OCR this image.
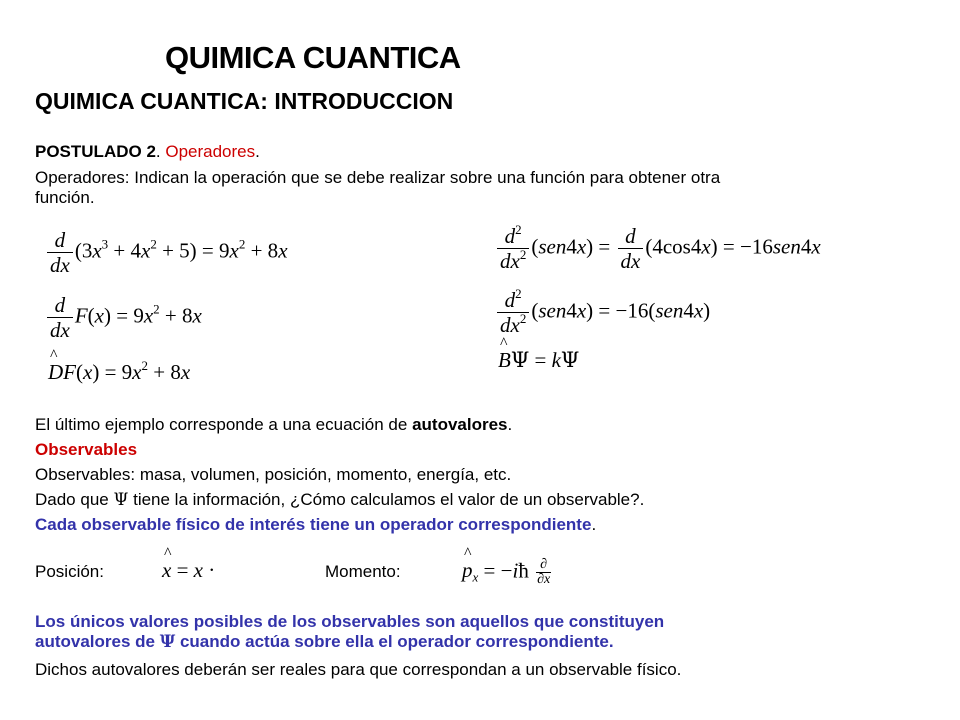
QUIMICA CUANTICA
QUIMICA CUANTICA: INTRODUCCION
POSTULADO 2. Operadores.
Operadores: Indican la operación que se debe realizar sobre una función para obtener otra
función.
$\frac{d}{dx} (3x^3 + 4x^2 + 5) = 9x^2 + 8x$
$\frac{d}{dx} F(x) = 9x^2 + 8x$
D
^
$F(x) = 9x^2 + 8x$
$\frac{d^2}{dx^2} (sen4x) = \frac{d}{dx} (4\cos 4x) = -16sen4x$
$\frac{d^2}{dx^2} (sen4x) = -16(sen4x)$
B
^
Ψ = kΨ
El último ejemplo corresponde a una ecuación de autovalores.
Observables
Observables: masa, volumen, posición, momento, energía, etc.
Dado que Ψ tiene la información, ¿Cómo calculamos el valor de un observable?.
Cada observable físico de interés tiene un operador correspondiente.
Posición:	x
^
= x ·	Momento:	p
^
$_x$ = −iħ $\frac{\partial}{\partial x}$
Los únicos valores posibles de los observables son aquellos que constituyen
autovalores de Ψ cuando actúa sobre ella el operador correspondiente.
Dichos autovalores deberán ser reales para que correspondan a un observable físico.
